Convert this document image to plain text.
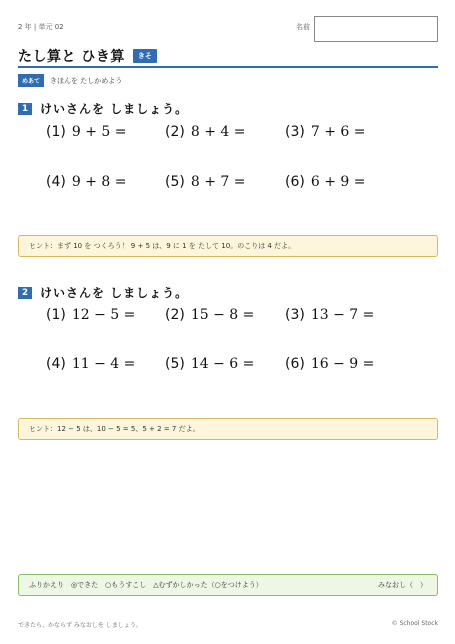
2 年 | 単元 02	名前
たし算と ひき算	きそ
めあて	きほんを たしかめよう
1 けいさんを しましょう。
(1) 9 + 5 =	(2) 8 + 4 =	(3) 7 + 6 =
(4) 9 + 8 =	(5) 8 + 7 =	(6) 6 + 9 =
ヒント：まず 10 を つくろう！ 9 + 5 は、9 に 1 を たして 10。のこりは 4 だよ。
2 けいさんを しましょう。
(1) 12 − 5 = (2) 15 − 8 = (3) 13 − 7 =
(4) 11 − 4 = (5) 14 − 6 = (6) 16 − 9 =
ヒント：12 − 5 は、10 − 5 = 5、5 + 2 = 7 だよ。
ふりかえり　◎できた　○もうすこし　△むずかしかった（○をつけよう）	みなおし（　）
できたら、かならず みなおしを しましょう。	© School Stock
